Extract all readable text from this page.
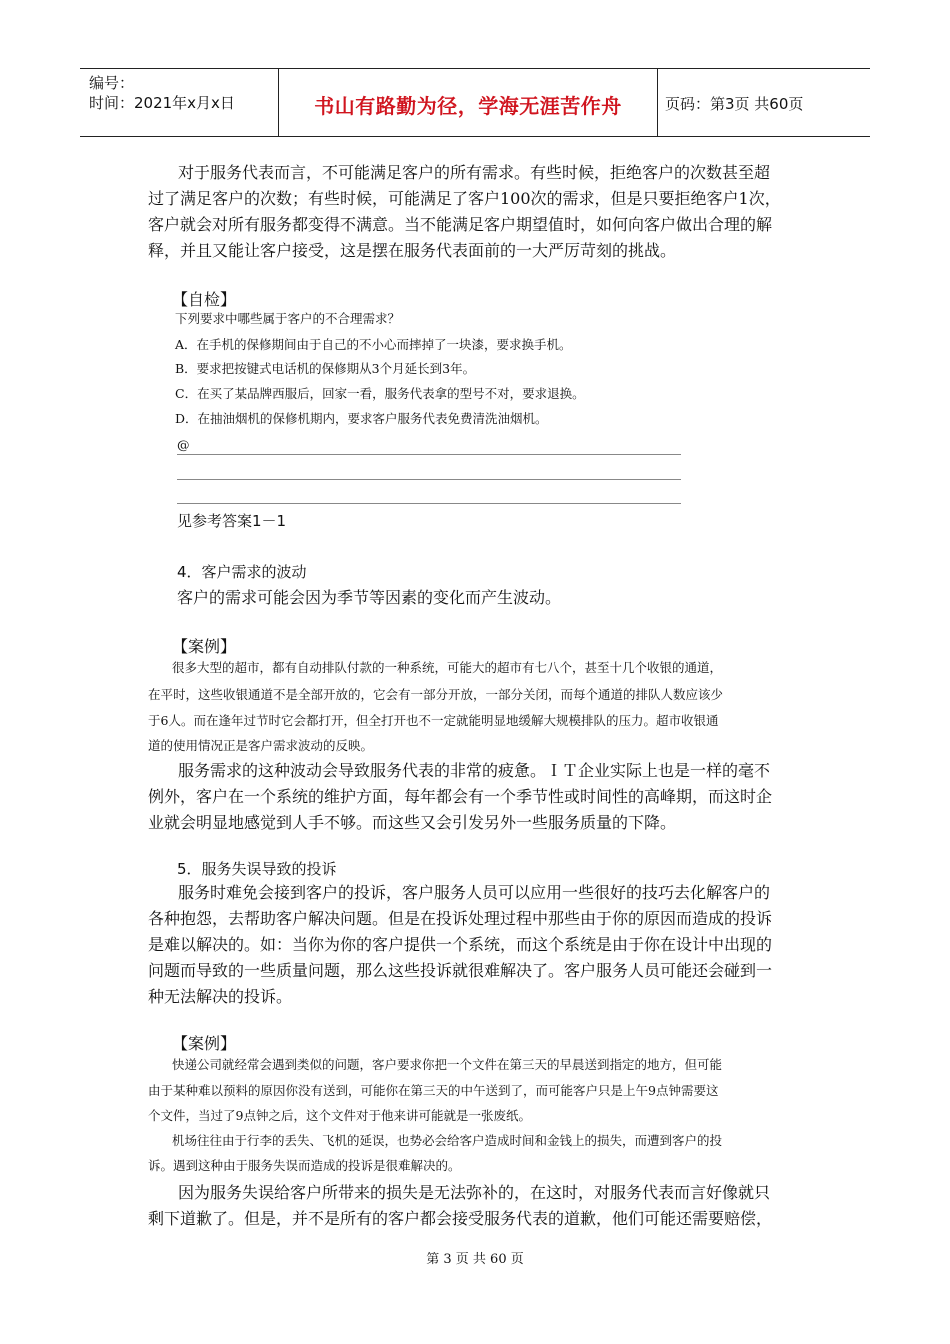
编号：
时间：2021年x月x日	书山有路勤为径，学海无涯苦作舟	页码：第3页 共60页
对于服务代表而言，不可能满足客户的所有需求。有些时候，拒绝客户的次数甚至超
过了满足客户的次数；有些时候，可能满足了客户100次的需求，但是只要拒绝客户1次，
客户就会对所有服务都变得不满意。当不能满足客户期望值时，如何向客户做出合理的解
释，并且又能让客户接受，这是摆在服务代表面前的一大严厉苛刻的挑战。
【自检】
下列要求中哪些属于客户的不合理需求？
A．在手机的保修期间由于自己的不小心而摔掉了一块漆，要求换手机。
B．要求把按键式电话机的保修期从3个月延长到3年。
C．在买了某品牌西服后，回家一看，服务代表拿的型号不对，要求退换。
D．在抽油烟机的保修机期内，要求客户服务代表免费清洗油烟机。
@
见参考答案1－1
4．客户需求的波动
客户的需求可能会因为季节等因素的变化而产生波动。
【案例】
很多大型的超市，都有自动排队付款的一种系统，可能大的超市有七八个，甚至十几个收银的通道，
在平时，这些收银通道不是全部开放的，它会有一部分开放，一部分关闭，而每个通道的排队人数应该少
于6人。而在逢年过节时它会都打开，但全打开也不一定就能明显地缓解大规模排队的压力。超市收银通
道的使用情况正是客户需求波动的反映。
服务需求的这种波动会导致服务代表的非常的疲惫。ＩＴ企业实际上也是一样的毫不
例外，客户在一个系统的维护方面，每年都会有一个季节性或时间性的高峰期，而这时企
业就会明显地感觉到人手不够。而这些又会引发另外一些服务质量的下降。
5．服务失误导致的投诉
服务时难免会接到客户的投诉，客户服务人员可以应用一些很好的技巧去化解客户的
各种抱怨，去帮助客户解决问题。但是在投诉处理过程中那些由于你的原因而造成的投诉
是难以解决的。如：当你为你的客户提供一个系统，而这个系统是由于你在设计中出现的
问题而导致的一些质量问题，那么这些投诉就很难解决了。客户服务人员可能还会碰到一
种无法解决的投诉。
【案例】
快递公司就经常会遇到类似的问题，客户要求你把一个文件在第三天的早晨送到指定的地方，但可能
由于某种难以预料的原因你没有送到，可能你在第三天的中午送到了，而可能客户只是上午9点钟需要这
个文件，当过了9点钟之后，这个文件对于他来讲可能就是一张废纸。
机场往往由于行李的丢失、飞机的延误，也势必会给客户造成时间和金钱上的损失，而遭到客户的投
诉。遇到这种由于服务失误而造成的投诉是很难解决的。
因为服务失误给客户所带来的损失是无法弥补的，在这时，对服务代表而言好像就只
剩下道歉了。但是，并不是所有的客户都会接受服务代表的道歉，他们可能还需要赔偿，
第 3 页 共 60 页
